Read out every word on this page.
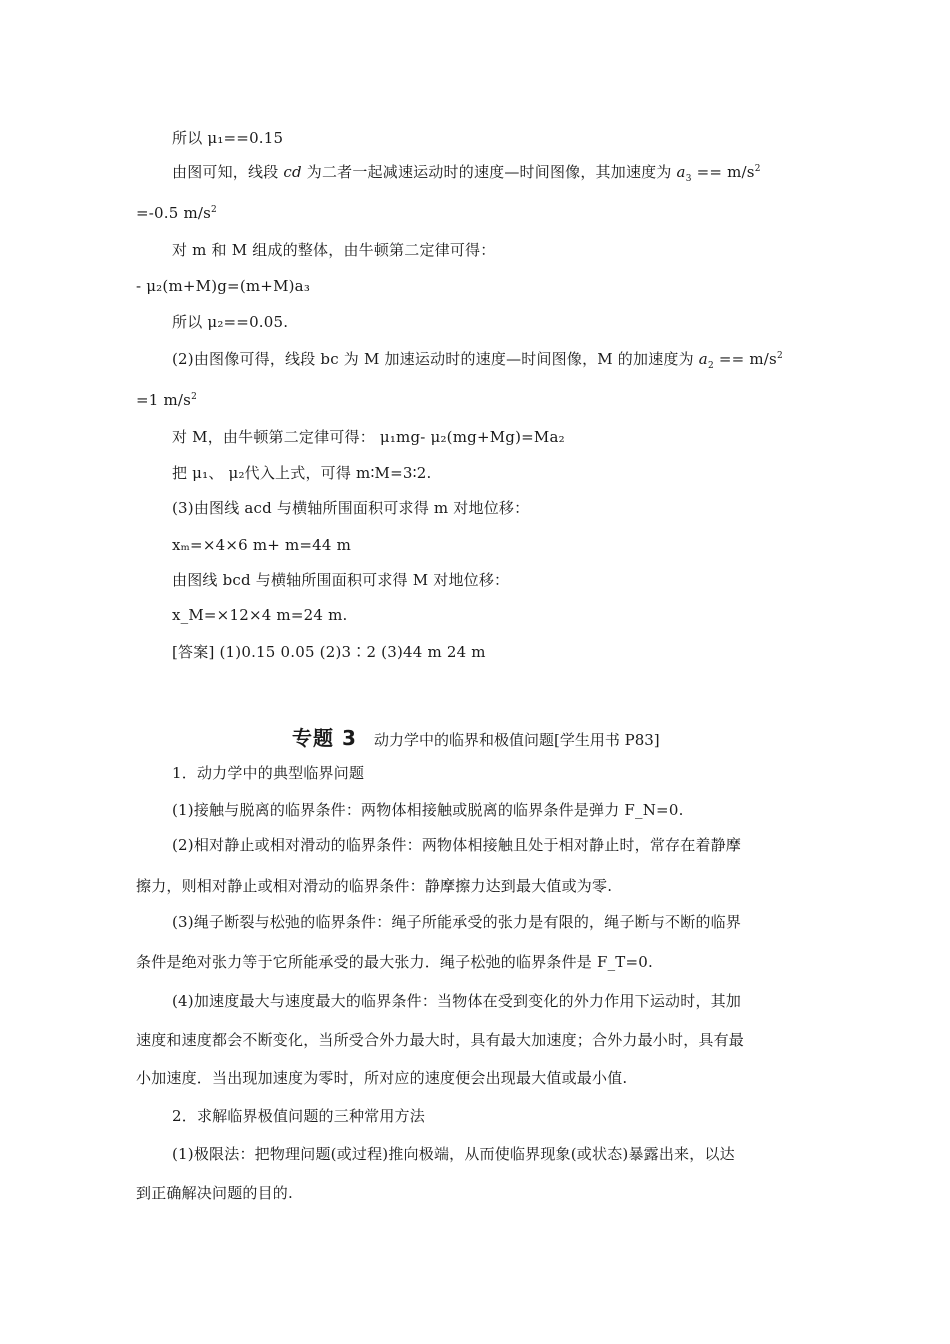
所以 μ₁==0.15
由图可知，线段 cd 为二者一起减速运动时的速度—时间图像，其加速度为 $a_3 == m/s^2$
=-0.5 $m/s^2$
对 m 和 M 组成的整体，由牛顿第二定律可得：
- μ₂(m+M)g=(m+M)a₃
所以 μ₂==0.05.
(2)由图像可得，线段 bc 为 M 加速运动时的速度—时间图像，M 的加速度为 $a_2 == m/s^2$
=1 $m/s^2$
对 M，由牛顿第二定律可得： μ₁mg- μ₂(mg+Mg)=Ma₂
把 μ₁、 μ₂代入上式，可得 m∶M=3∶2.
(3)由图线 acd 与横轴所围面积可求得 m 对地位移：
xₘ=×4×6 m+ m=44 m
由图线 bcd 与横轴所围面积可求得 M 对地位移：
x_M=×12×4 m=24 m.
[答案] (1)0.15 0.05 (2)3∶2 (3)44 m 24 m
专题 3 动力学中的临界和极值问题[学生用书 P83]
1．动力学中的典型临界问题
(1)接触与脱离的临界条件：两物体相接触或脱离的临界条件是弹力 F_N=0.
(2)相对静止或相对滑动的临界条件：两物体相接触且处于相对静止时，常存在着静摩
擦力，则相对静止或相对滑动的临界条件：静摩擦力达到最大值或为零.
(3)绳子断裂与松弛的临界条件：绳子所能承受的张力是有限的，绳子断与不断的临界
条件是绝对张力等于它所能承受的最大张力．绳子松弛的临界条件是 F_T=0.
(4)加速度最大与速度最大的临界条件：当物体在受到变化的外力作用下运动时，其加
速度和速度都会不断变化，当所受合外力最大时，具有最大加速度；合外力最小时，具有最
小加速度．当出现加速度为零时，所对应的速度便会出现最大值或最小值.
2．求解临界极值问题的三种常用方法
(1)极限法：把物理问题(或过程)推向极端，从而使临界现象(或状态)暴露出来，以达
到正确解决问题的目的.
